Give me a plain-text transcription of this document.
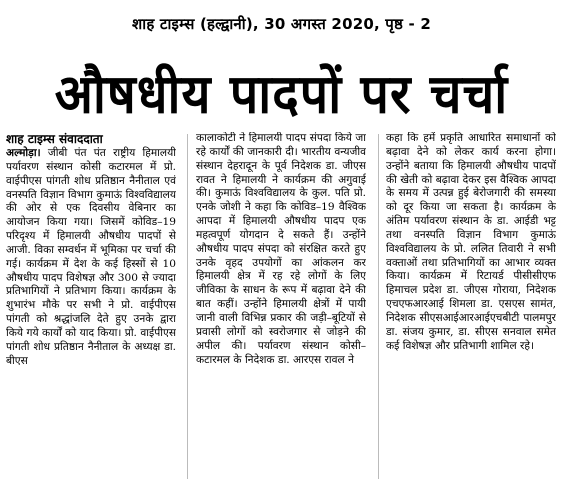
शाह टाइम्स (हल्द्वानी), 30 अगस्त 2020, पृष्ठ - 2
औषधीय पादपों पर चर्चा
शाह टाइम्स संवाददाता

अल्मोड़ा। जीबी पंत पंत राष्ट्रीय हिमालयी पर्यावरण संस्थान कोसी कटारमल में प्रो. वाईपीएस पांगती शोध प्रतिष्ठान नैनीताल एवं वनस्पति विज्ञान विभाग कुमाऊं विश्वविद्यालय की ओर से एक दिवसीय वेबिनार का आयोजन किया गया। जिसमें कोविड–19 परिदृश्य में हिमालयी औषधीय पादपों से आजी. विका सम्वर्धन में भूमिका पर चर्चा की गई। कार्यक्रम में देश के कई हिस्सों से 10 औषधीय पादप विशेषज्ञ और 300 से ज्यादा प्रतिभागियों ने प्रतिभाग किया। कार्यक्रम के शुभारंभ मौके पर सभी ने प्रो. वाईपीएस पांगती को श्रद्धांजलि देते हुए उनके द्वारा किये गये कार्यों को याद किया। प्रो. वाईपीएस पांगती शोध प्रतिष्ठान नैनीताल के अध्यक्ष डा. बीएस

कालाकोटी ने हिमालयी पादप संपदा किये जा रहे कार्यों की जानकारी दी। भारतीय वन्यजीव संस्थान देहरादून के पूर्व निदेशक डा. जीएस रावत ने हिमालयी ने कार्यक्रम की अगुवाई की। कुमाऊं विश्वविद्यालय के कुल. पति प्रो. एनके जोशी ने कहा कि कोविड–19 वैश्विक आपदा में हिमालयी औषधीय पादप एक महत्वपूर्ण योगदान दे सकते हैं। उन्होंने औषधीय पादप संपदा को संरक्षित करते हुए उनके वृहद उपयोगों का आंकलन कर हिमालयी क्षेत्र में रह रहे लोगों के लिए जीविका के साधन के रूप में बढ़ावा देने की बात कहीं। उन्होंने हिमालयी क्षेत्रों में पायी जानी वाली विभिन्न प्रकार की जड़ी–बूटियों से प्रवासी लोगों को स्वरोजगार से जोड़ने की अपील की। पर्यावरण संस्थान कोसी–कटारमल के निदेशक डा. आरएस रावल ने

कहा कि हमें प्रकृति आधारित समाधानों को बढ़ावा देने को लेकर कार्य करना होगा। उन्होंने बताया कि हिमालयी औषधीय पादपों की खेती को बढ़ावा देकर इस वैश्विक आपदा के समय में उत्पन्न हुई बेरोजगारी की समस्या को दूर किया जा सकता है। कार्यक्रम के अंतिम पर्यावरण संस्थान के डा. आईडी भट्ट तथा वनस्पति विज्ञान विभाग कुमाऊं विश्वविद्यालय के प्रो. ललित तिवारी ने सभी वक्ताओं तथा प्रतिभागियों का आभार व्यक्त किया। कार्यक्रम में रिटायर्ड पीसीसीएफ हिमाचल प्रदेश डा. जीएस गोराया, निदेशक एचएफआरआई शिमला डा. एसएस सामंत, निदेशक सीएसआईआरआईएचबीटी पालमपुर डा. संजय कुमार, डा. सीएस सनवाल समेत कई विशेषज्ञ और प्रतिभागी शामिल रहे।
